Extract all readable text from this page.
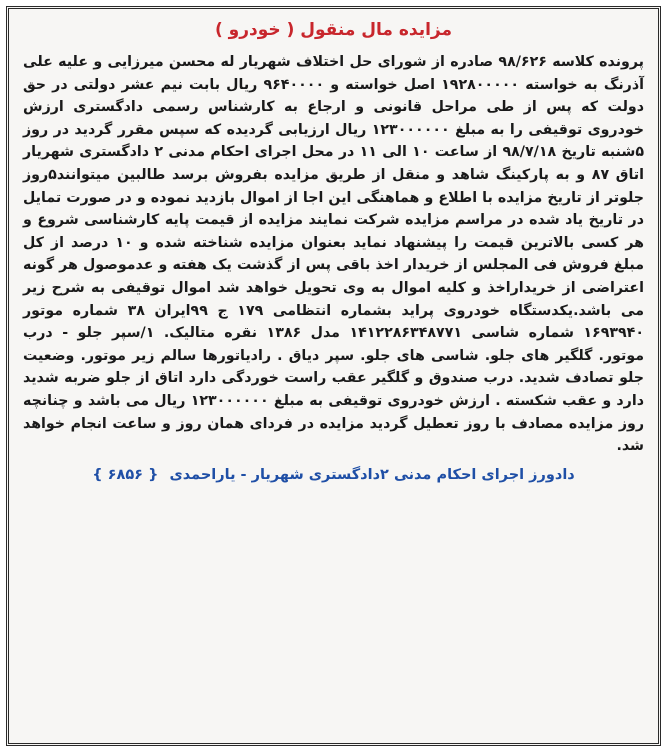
مزایده مال منقول ( خودرو )

پرونده کلاسه ۹۸/۶۲۶ صادره از شورای حل اختلاف شهریار له محسن میرزایی و علیه علی آذرنگ به خواسته ۱۹۲۸۰۰۰۰۰ اصل خواسته و ۹۶۴۰۰۰۰ ریال بابت نیم عشر دولتی در حق دولت که پس از طی مراحل قانونی و ارجاع به کارشناس رسمی دادگستری ارزش خودروی توقیفی را به مبلغ ۱۲۳۰۰۰۰۰۰ ریال ارزیابی گردیده که سپس مقرر گردید در روز ۵شنبه تاریخ ۹۸/۷/۱۸ از ساعت ۱۰ الی ۱۱ در محل اجرای احکام مدنی ۲ دادگستری شهریار اتاق ۸۷ و به پارکینگ شاهد و منقل از طریق مزایده بفروش برسد طالبین میتوانند۵روز جلوتر از تاریخ مزایده با اطلاع و هماهنگی این اجا از اموال بازدید نموده و در صورت تمایل در تاریخ یاد شده در مراسم مزایده شرکت نمایند مزایده از قیمت پایه کارشناسی شروع و هر کسی بالاترین قیمت را پیشنهاد نماید بعنوان مزایده شناخته شده و ۱۰ درصد از کل مبلغ فروش فی المجلس از خریدار اخذ باقی پس از گذشت یک هفته و عدموصول هر گونه اعتراضی از خریداراخذ و کلیه اموال به وی تحویل خواهد شد اموال توقیفی به شرح زیر می باشد.یکدستگاه خودروی پراید بشماره انتظامی ۱۷۹ ج ۹۹ایران ۳۸ شماره موتور ۱۶۹۳۹۴۰ شماره شاسی ۱۴۱۲۲۸۶۳۴۸۷۷۱ مدل ۱۳۸۶ نقره متالیک. ۱/سپر جلو - درب موتور. گلگیر های جلو. شاسی های جلو. سپر دیاق . رادیاتورها سالم زیر موتور. وضعیت جلو تصادف شدید. درب صندوق و گلگیر عقب راست خوردگی دارد اتاق از جلو ضربه شدید دارد و عقب شکسته . ارزش خودروی توقیفی به مبلغ ۱۲۳۰۰۰۰۰۰ ریال می باشد و چنانچه روز مزایده مصادف با روز تعطیل گردید مزایده در فردای همان روز و ساعت انجام خواهد شد.

دادورز اجرای احکام مدنی ۲دادگستری شهریار - یاراحمدی { ۶۸۵۶ }
